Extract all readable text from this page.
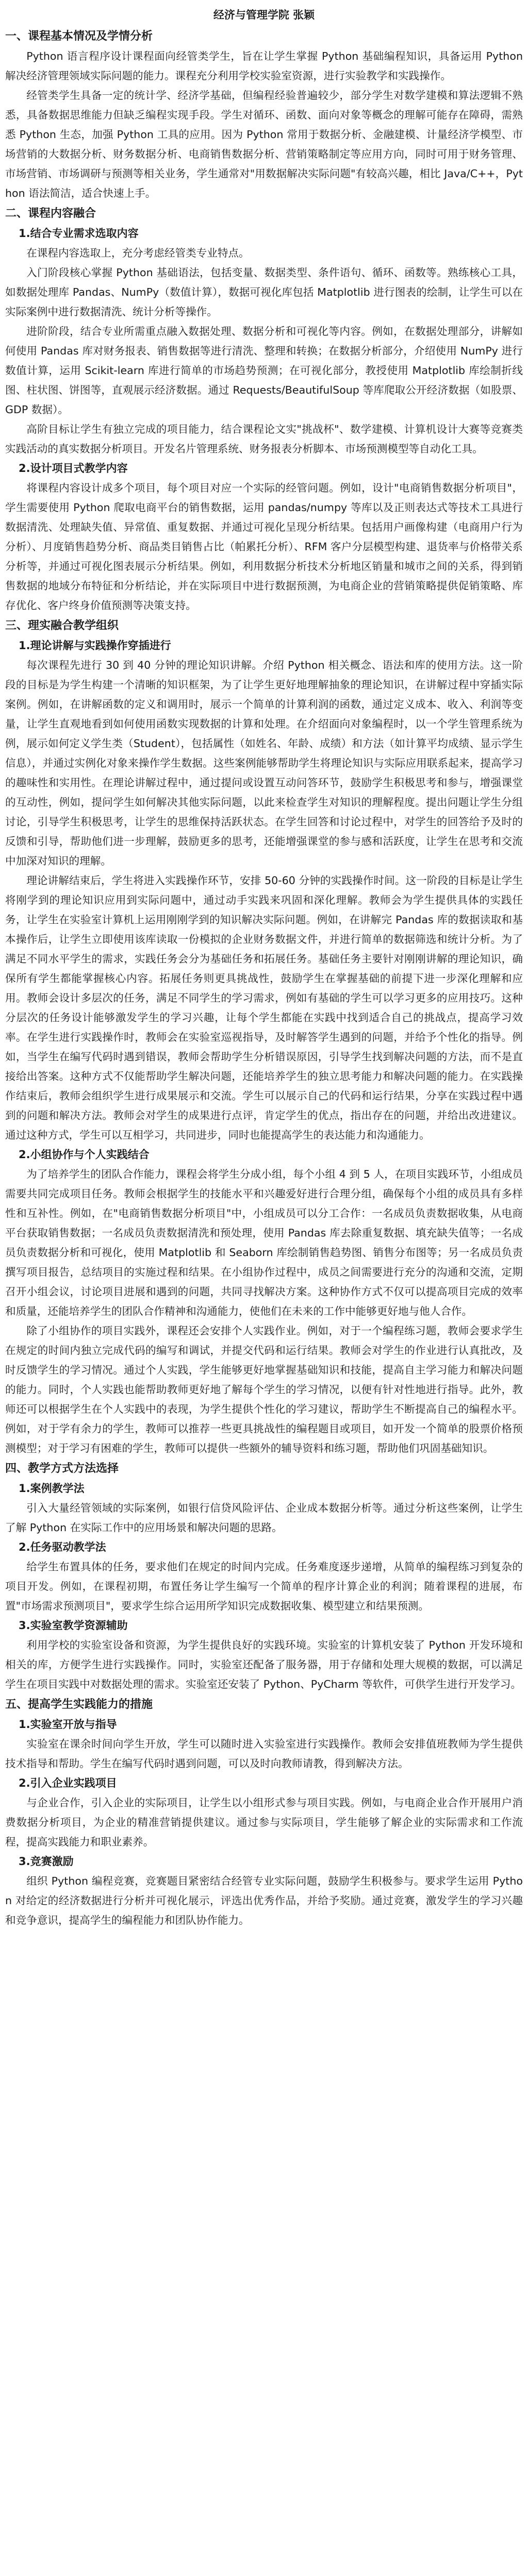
经济与管理学院 张颖
一、课程基本情况及学情分析
Python 语言程序设计课程面向经管类学生，旨在让学生掌握 Python 基础编程知识，具备运用 Python 解决经济管理领域实际问题的能力。课程充分利用学校实验室资源，进行实验教学和实践操作。
经管类学生具备一定的统计学、经济学基础，但编程经验普遍较少，部分学生对数学建模和算法逻辑不熟悉，具备数据思维能力但缺乏编程实现手段。学生对循环、函数、面向对象等概念的理解可能存在障碍，需熟悉 Python 生态，加强 Python 工具的应用。因为 Python 常用于数据分析、金融建模、计量经济学模型、市场营销的大数据分析、财务数据分析、电商销售数据分析、营销策略制定等应用方向，同时可用于财务管理、市场营销、市场调研与预测等相关业务，学生通常对"用数据解决实际问题"有较高兴趣，相比 Java/C++，Python 语法简洁，适合快速上手。
二、课程内容融合
1.结合专业需求选取内容
在课程内容选取上，充分考虑经管类专业特点。
入门阶段核心掌握 Python 基础语法，包括变量、数据类型、条件语句、循环、函数等。熟练核心工具，如数据处理库 Pandas、NumPy（数值计算），数据可视化库包括 Matplotlib 进行图表的绘制，让学生可以在实际案例中进行数据清洗、统计分析等操作。
进阶阶段，结合专业所需重点融入数据处理、数据分析和可视化等内容。例如，在数据处理部分，讲解如何使用 Pandas 库对财务报表、销售数据等进行清洗、整理和转换；在数据分析部分，介绍使用 NumPy 进行数值计算，运用 Scikit-learn 库进行简单的市场趋势预测；在可视化部分，教授使用 Matplotlib 库绘制折线图、柱状图、饼图等，直观展示经济数据。通过 Requests/BeautifulSoup 等库爬取公开经济数据（如股票、GDP 数据）。
高阶目标让学生有独立完成的项目能力，结合课程论文实"挑战杯"、数学建模、计算机设计大赛等竞赛类实践活动的真实数据分析项目。开发名片管理系统、财务报表分析脚本、市场预测模型等自动化工具。
2.设计项目式教学内容
将课程内容设计成多个项目，每个项目对应一个实际的经管问题。例如，设计"电商销售数据分析项目"，学生需要使用 Python 爬取电商平台的销售数据，运用 pandas/numpy 等库以及正则表达式等技术工具进行数据清洗、处理缺失值、异常值、重复数据、并通过可视化呈现分析结果。包括用户画像构建（电商用户行为分析）、月度销售趋势分析、商品类目销售占比（帕累托分析）、RFM 客户分层模型构建、退货率与价格带关系分析等，并通过可视化图表展示分析结果。例如，利用数据分析技术分析地区销量和城市之间的关系，得到销售数据的地域分布特征和分析结论，并在实际项目中进行数据预测，为电商企业的营销策略提供促销策略、库存优化、客户终身价值预测等决策支持。
三、理实融合教学组织
1.理论讲解与实践操作穿插进行
每次课程先进行 30 到 40 分钟的理论知识讲解。介绍 Python 相关概念、语法和库的使用方法。这一阶段的目标是为学生构建一个清晰的知识框架，为了让学生更好地理解抽象的理论知识，在讲解过程中穿插实际案例。例如，在讲解函数的定义和调用时，展示一个简单的计算利润的函数，通过定义成本、收入、利润等变量，让学生直观地看到如何使用函数实现数据的计算和处理。在介绍面向对象编程时，以一个学生管理系统为例，展示如何定义学生类（Student），包括属性（如姓名、年龄、成绩）和方法（如计算平均成绩、显示学生信息），并通过实例化对象来操作学生数据。这些案例能够帮助学生将理论知识与实际应用联系起来，提高学习的趣味性和实用性。在理论讲解过程中，通过提问或设置互动问答环节，鼓励学生积极思考和参与，增强课堂的互动性，例如，提问学生如何解决其他实际问题，以此来检查学生对知识的理解程度。提出问题让学生分组讨论，引导学生积极思考，让学生的思维保持活跃状态。在学生回答和讨论过程中，对学生的回答给予及时的反馈和引导，帮助他们进一步理解，鼓励更多的思考，还能增强课堂的参与感和活跃度，让学生在思考和交流中加深对知识的理解。
理论讲解结束后，学生将进入实践操作环节，安排 50-60 分钟的实践操作时间。这一阶段的目标是让学生将刚学到的理论知识应用到实际问题中，通过动手实践来巩固和深化理解。教师会为学生提供具体的实践任务，让学生在实验室计算机上运用刚刚学到的知识解决实际问题。例如，在讲解完 Pandas 库的数据读取和基本操作后，让学生立即使用该库读取一份模拟的企业财务数据文件，并进行简单的数据筛选和统计分析。为了满足不同水平学生的需求，实践任务会分为基础任务和拓展任务。基础任务主要针对刚刚讲解的理论知识，确保所有学生都能掌握核心内容。拓展任务则更具挑战性，鼓励学生在掌握基础的前提下进一步深化理解和应用。教师会设计多层次的任务，满足不同学生的学习需求，例如有基础的学生可以学习更多的应用技巧。这种分层次的任务设计能够激发学生的学习兴趣，让每个学生都能在实践中找到适合自己的挑战点，提高学习效率。在学生进行实践操作时，教师会在实验室巡视指导，及时解答学生遇到的问题，并给予个性化的指导。例如，当学生在编写代码时遇到错误，教师会帮助学生分析错误原因，引导学生找到解决问题的方法，而不是直接给出答案。这种方式不仅能帮助学生解决问题，还能培养学生的独立思考能力和解决问题的能力。在实践操作结束后，教师会组织学生进行成果展示和交流。学生可以展示自己的代码和运行结果，分享在实践过程中遇到的问题和解决方法。教师会对学生的成果进行点评，肯定学生的优点，指出存在的问题，并给出改进建议。通过这种方式，学生可以互相学习，共同进步，同时也能提高学生的表达能力和沟通能力。
2.小组协作与个人实践结合
为了培养学生的团队合作能力，课程会将学生分成小组，每个小组 4 到 5 人，在项目实践环节，小组成员需要共同完成项目任务。教师会根据学生的技能水平和兴趣爱好进行合理分组，确保每个小组的成员具有多样性和互补性。例如，在"电商销售数据分析项目"中，小组成员可以分工合作：一名成员负责数据收集，从电商平台获取销售数据；一名成员负责数据清洗和预处理，使用 Pandas 库去除重复数据、填充缺失值等；一名成员负责数据分析和可视化，使用 Matplotlib 和 Seaborn 库绘制销售趋势图、销售分布图等；另一名成员负责撰写项目报告，总结项目的实施过程和结果。在小组协作过程中，成员之间需要进行充分的沟通和交流，定期召开小组会议，讨论项目进展和遇到的问题，共同寻找解决方案。这种协作方式不仅可以提高项目完成的效率和质量，还能培养学生的团队合作精神和沟通能力，使他们在未来的工作中能够更好地与他人合作。
除了小组协作的项目实践外，课程还会安排个人实践作业。例如，对于一个编程练习题，教师会要求学生在规定的时间内独立完成代码的编写和调试，并提交代码和运行结果。教师会对学生的作业进行认真批改，及时反馈学生的学习情况。通过个人实践，学生能够更好地掌握基础知识和技能，提高自主学习能力和解决问题的能力。同时，个人实践也能帮助教师更好地了解每个学生的学习情况，以便有针对性地进行指导。此外，教师还可以根据学生在个人实践中的表现，为学生提供个性化的学习建议，帮助学生不断提高自己的编程水平。例如，对于学有余力的学生，教师可以推荐一些更具挑战性的编程题目或项目，如开发一个简单的股票价格预测模型；对于学习有困难的学生，教师可以提供一些额外的辅导资料和练习题，帮助他们巩固基础知识。
四、教学方式方法选择
1.案例教学法
引入大量经管领域的实际案例，如银行信贷风险评估、企业成本数据分析等。通过分析这些案例，让学生了解 Python 在实际工作中的应用场景和解决问题的思路。
2.任务驱动教学法
给学生布置具体的任务，要求他们在规定的时间内完成。任务难度逐步递增，从简单的编程练习到复杂的项目开发。例如，在课程初期，布置任务让学生编写一个简单的程序计算企业的利润；随着课程的进展，布置"市场需求预测项目"，要求学生综合运用所学知识完成数据收集、模型建立和结果预测。
3.实验室教学资源辅助
利用学校的实验室设备和资源，为学生提供良好的实践环境。实验室的计算机安装了 Python 开发环境和相关的库，方便学生进行实践操作。同时，实验室还配备了服务器，用于存储和处理大规模的数据，可以满足学生在项目实践中对数据处理的需求。实验室还安装了 Python、PyCharm 等软件，可供学生进行开发学习。
五、提高学生实践能力的措施
1.实验室开放与指导
实验室在课余时间向学生开放，学生可以随时进入实验室进行实践操作。教师会安排值班教师为学生提供技术指导和帮助。学生在编写代码时遇到问题，可以及时向教师请教，得到解决方法。
2.引入企业实践项目
与企业合作，引入企业的实际项目，让学生以小组形式参与项目实践。例如，与电商企业合作开展用户消费数据分析项目，为企业的精准营销提供建议。通过参与实际项目，学生能够了解企业的实际需求和工作流程，提高实践能力和职业素养。
3.竞赛激励
组织 Python 编程竞赛，竞赛题目紧密结合经管专业实际问题，鼓励学生积极参与。要求学生运用 Python 对给定的经济数据进行分析并可视化展示，评选出优秀作品，并给予奖励。通过竞赛，激发学生的学习兴趣和竞争意识，提高学生的编程能力和团队协作能力。
